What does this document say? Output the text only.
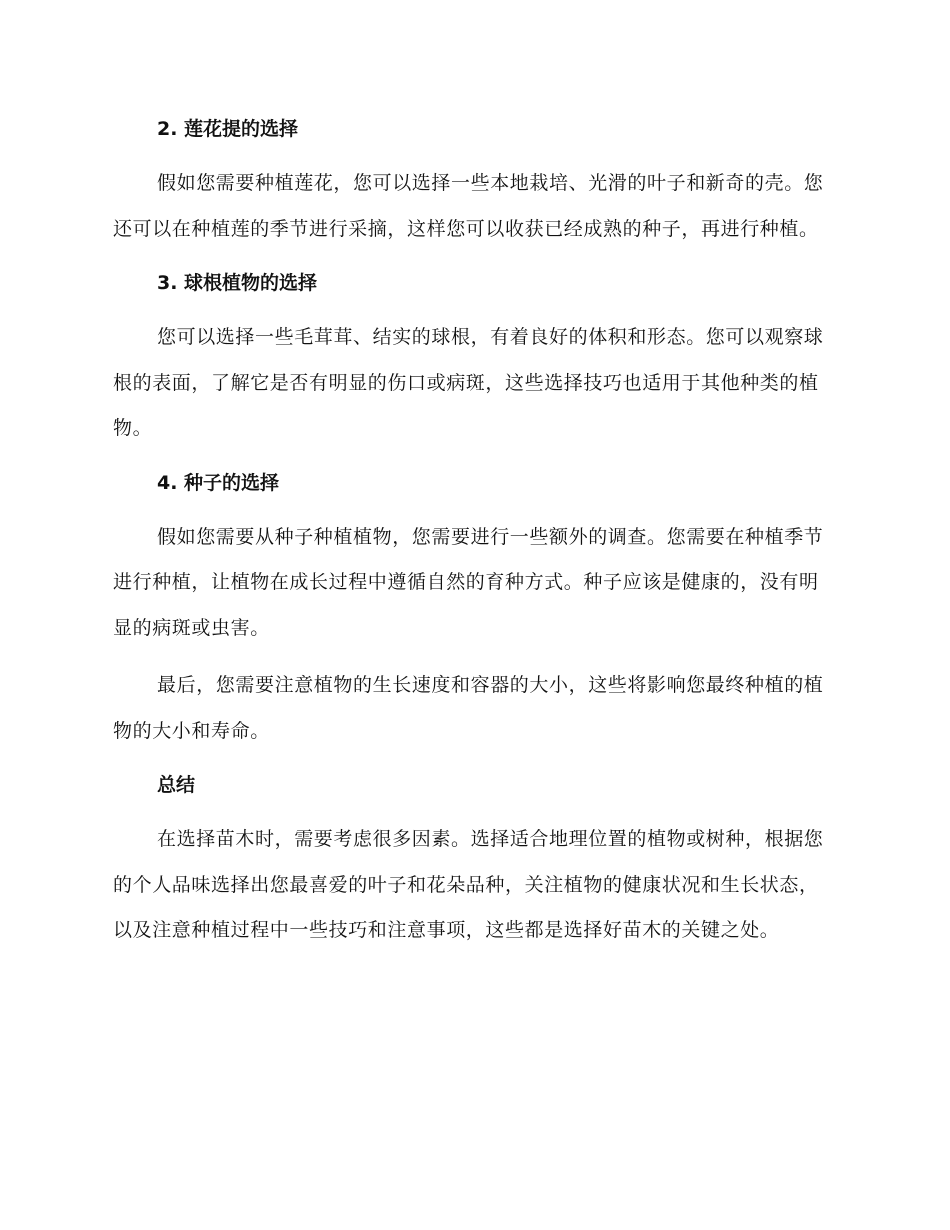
2. 莲花提的选择

假如您需要种植莲花，您可以选择一些本地栽培、光滑的叶子和新奇的壳。您还可以在种植莲的季节进行采摘，这样您可以收获已经成熟的种子，再进行种植。

3. 球根植物的选择

您可以选择一些毛茸茸、结实的球根，有着良好的体积和形态。您可以观察球根的表面，了解它是否有明显的伤口或病斑，这些选择技巧也适用于其他种类的植物。

4. 种子的选择

假如您需要从种子种植植物，您需要进行一些额外的调查。您需要在种植季节进行种植，让植物在成长过程中遵循自然的育种方式。种子应该是健康的，没有明显的病斑或虫害。

最后，您需要注意植物的生长速度和容器的大小，这些将影响您最终种植的植物的大小和寿命。

总结

在选择苗木时，需要考虑很多因素。选择适合地理位置的植物或树种，根据您的个人品味选择出您最喜爱的叶子和花朵品种，关注植物的健康状况和生长状态，以及注意种植过程中一些技巧和注意事项，这些都是选择好苗木的关键之处。
